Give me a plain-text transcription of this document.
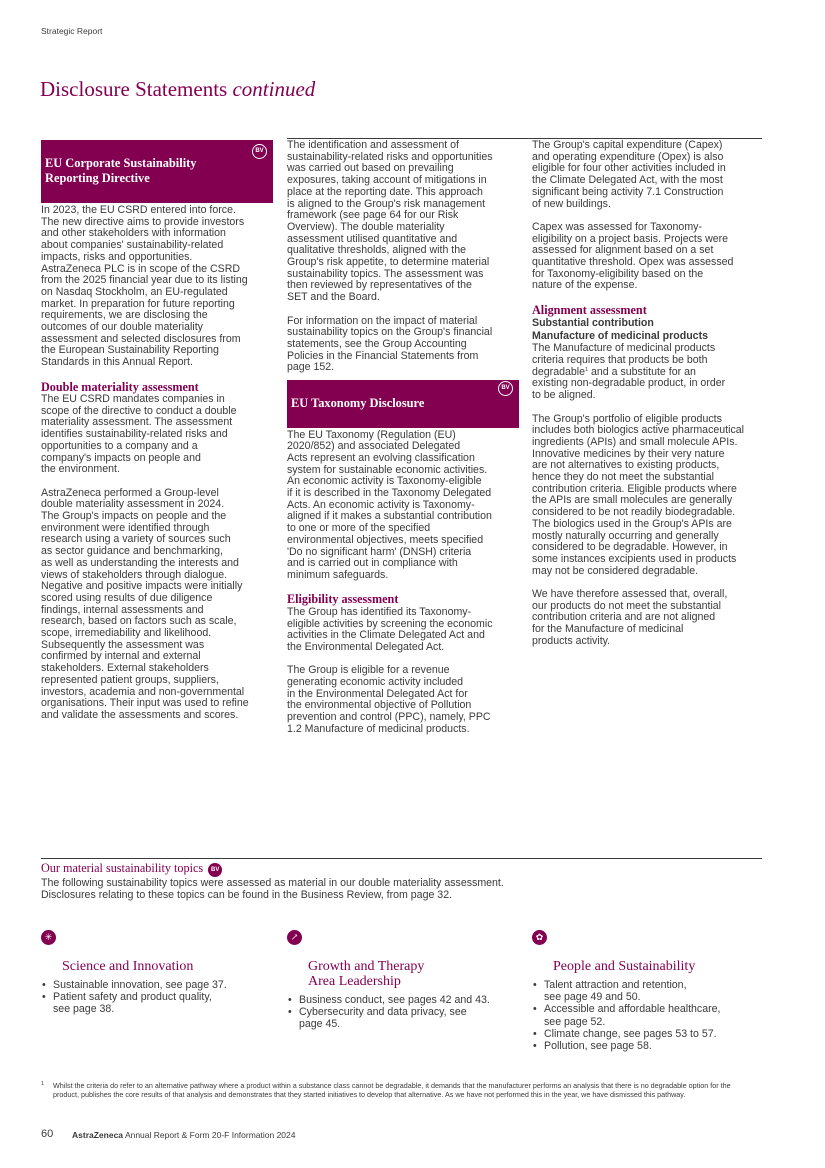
Strategic Report
Disclosure Statements continued

EU Corporate Sustainability
Reporting Directive

BV

In 2023, the EU CSRD entered into force.
The new directive aims to provide investors
and other stakeholders with information
about companies' sustainability-related
impacts, risks and opportunities.
AstraZeneca PLC is in scope of the CSRD
from the 2025 financial year due to its listing
on Nasdaq Stockholm, an EU-regulated
market. In preparation for future reporting
requirements, we are disclosing the
outcomes of our double materiality
assessment and selected disclosures from
the European Sustainability Reporting
Standards in this Annual Report.

Double materiality assessment

The EU CSRD mandates companies in
scope of the directive to conduct a double
materiality assessment. The assessment
identifies sustainability-related risks and
opportunities to a company and a
company's impacts on people and
the environment.

AstraZeneca performed a Group-level
double materiality assessment in 2024.
The Group's impacts on people and the
environment were identified through
research using a variety of sources such
as sector guidance and benchmarking,
as well as understanding the interests and
views of stakeholders through dialogue.
Negative and positive impacts were initially
scored using results of due diligence
findings, internal assessments and
research, based on factors such as scale,
scope, irremediability and likelihood.
Subsequently the assessment was
confirmed by internal and external
stakeholders. External stakeholders
represented patient groups, suppliers,
investors, academia and non-governmental
organisations. Their input was used to refine
and validate the assessments and scores.

The identification and assessment of
sustainability-related risks and opportunities
was carried out based on prevailing
exposures, taking account of mitigations in
place at the reporting date. This approach
is aligned to the Group's risk management
framework (see page 64 for our Risk
Overview). The double materiality
assessment utilised quantitative and
qualitative thresholds, aligned with the
Group's risk appetite, to determine material
sustainability topics. The assessment was
then reviewed by representatives of the
SET and the Board.

For information on the impact of material
sustainability topics on the Group's financial
statements, see the Group Accounting
Policies in the Financial Statements from
page 152.

EU Taxonomy Disclosure

BV

The EU Taxonomy (Regulation (EU)
2020/852) and associated Delegated
Acts represent an evolving classification
system for sustainable economic activities.
An economic activity is Taxonomy-eligible
if it is described in the Taxonomy Delegated
Acts. An economic activity is Taxonomy-
aligned if it makes a substantial contribution
to one or more of the specified
environmental objectives, meets specified
'Do no significant harm' (DNSH) criteria
and is carried out in compliance with
minimum safeguards.

Eligibility assessment

The Group has identified its Taxonomy-
eligible activities by screening the economic
activities in the Climate Delegated Act and
the Environmental Delegated Act.

The Group is eligible for a revenue
generating economic activity included
in the Environmental Delegated Act for
the environmental objective of Pollution
prevention and control (PPC), namely, PPC
1.2 Manufacture of medicinal products.

The Group's capital expenditure (Capex)
and operating expenditure (Opex) is also
eligible for four other activities included in
the Climate Delegated Act, with the most
significant being activity 7.1 Construction
of new buildings.

Capex was assessed for Taxonomy-
eligibility on a project basis. Projects were
assessed for alignment based on a set
quantitative threshold. Opex was assessed
for Taxonomy-eligibility based on the
nature of the expense.

Alignment assessment
Substantial contribution
Manufacture of medicinal products

The Manufacture of medicinal products
criteria requires that products be both
degradable$^1$ and a substitute for an
existing non-degradable product, in order
to be aligned.

The Group's portfolio of eligible products
includes both biologics active pharmaceutical
ingredients (APIs) and small molecule APIs.
Innovative medicines by their very nature
are not alternatives to existing products,
hence they do not meet the substantial
contribution criteria. Eligible products where
the APIs are small molecules are generally
considered to be not readily biodegradable.
The biologics used in the Group's APIs are
mostly naturally occurring and generally
considered to be degradable. However, in
some instances excipients used in products
may not be considered degradable.

We have therefore assessed that, overall,
our products do not meet the substantial
contribution criteria and are not aligned
for the Manufacture of medicinal
products activity.

Our material sustainability topics BV
The following sustainability topics were assessed as material in our double materiality assessment.
Disclosures relating to these topics can be found in the Business Review, from page 32.

✳

Science and Innovation

• Sustainable innovation, see page 37.
• Patient safety and product quality,
see page 38.

↗

Growth and Therapy
Area Leadership

• Business conduct, see pages 42 and 43.
• Cybersecurity and data privacy, see
page 45.

✿

People and Sustainability

• Talent attraction and retention,
see page 49 and 50.
• Accessible and affordable healthcare,
see page 52.
• Climate change, see pages 53 to 57.
• Pollution, see page 58.
1	Whilst the criteria do refer to an alternative pathway where a product within a substance class cannot be degradable, it demands that the manufacturer performs an analysis that there is no degradable option for the product, publishes the core results of that analysis and demonstrates that they started initiatives to develop that alternative. As we have not performed this in the year, we have dismissed this pathway.
60 AstraZeneca Annual Report & Form 20-F Information 2024
